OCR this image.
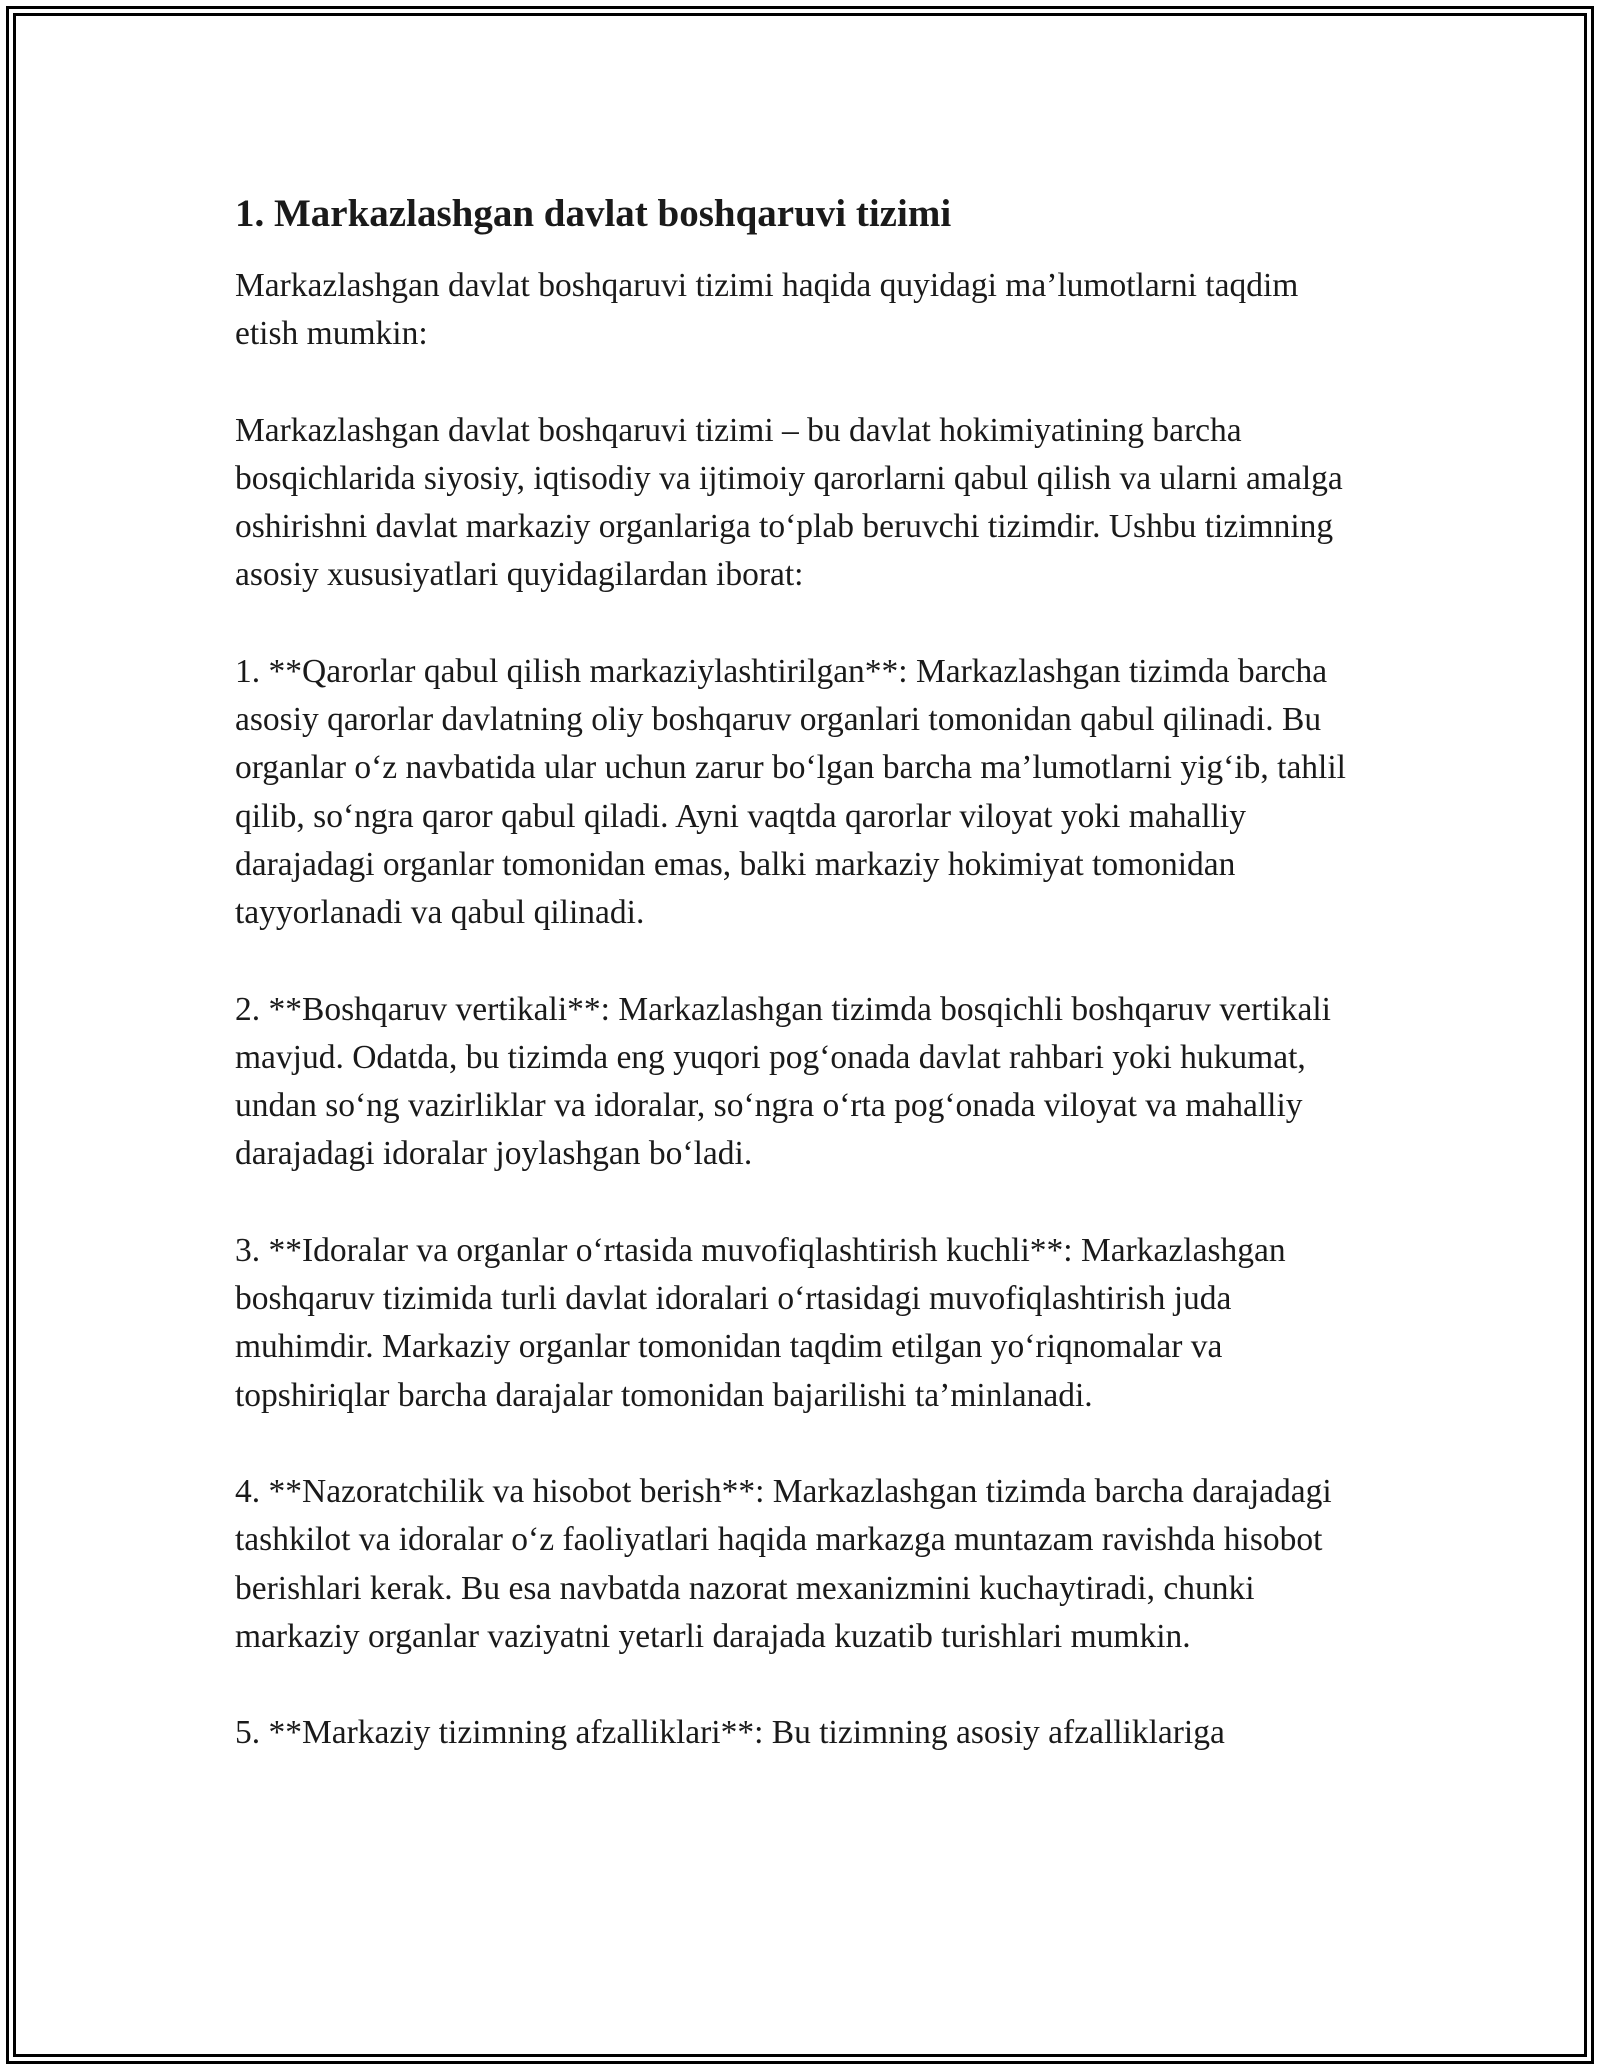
1. Markazlashgan davlat boshqaruvi tizimi

Markazlashgan davlat boshqaruvi tizimi haqida quyidagi ma’lumotlarni taqdim etish mumkin:

Markazlashgan davlat boshqaruvi tizimi – bu davlat hokimiyatining barcha bosqichlarida siyosiy, iqtisodiy va ijtimoiy qarorlarni qabul qilish va ularni amalga oshirishni davlat markaziy organlariga to‘plab beruvchi tizimdir. Ushbu tizimning asosiy xususiyatlari quyidagilardan iborat:

1. **Qarorlar qabul qilish markaziylashtirilgan**: Markazlashgan tizimda barcha asosiy qarorlar davlatning oliy boshqaruv organlari tomonidan qabul qilinadi. Bu organlar o‘z navbatida ular uchun zarur bo‘lgan barcha ma’lumotlarni yig‘ib, tahlil qilib, so‘ngra qaror qabul qiladi. Ayni vaqtda qarorlar viloyat yoki mahalliy darajadagi organlar tomonidan emas, balki markaziy hokimiyat tomonidan tayyorlanadi va qabul qilinadi.

2. **Boshqaruv vertikali**: Markazlashgan tizimda bosqichli boshqaruv vertikali mavjud. Odatda, bu tizimda eng yuqori pog‘onada davlat rahbari yoki hukumat, undan so‘ng vazirliklar va idoralar, so‘ngra o‘rta pog‘onada viloyat va mahalliy darajadagi idoralar joylashgan bo‘ladi.

3. **Idoralar va organlar o‘rtasida muvofiqlashtirish kuchli**: Markazlashgan boshqaruv tizimida turli davlat idoralari o‘rtasidagi muvofiqlashtirish juda muhimdir. Markaziy organlar tomonidan taqdim etilgan yo‘riqnomalar va topshiriqlar barcha darajalar tomonidan bajarilishi ta’minlanadi.

4. **Nazoratchilik va hisobot berish**: Markazlashgan tizimda barcha darajadagi tashkilot va idoralar o‘z faoliyatlari haqida markazga muntazam ravishda hisobot berishlari kerak. Bu esa navbatda nazorat mexanizmini kuchaytiradi, chunki markaziy organlar vaziyatni yetarli darajada kuzatib turishlari mumkin.

5. **Markaziy tizimning afzalliklari**: Bu tizimning asosiy afzalliklariga
